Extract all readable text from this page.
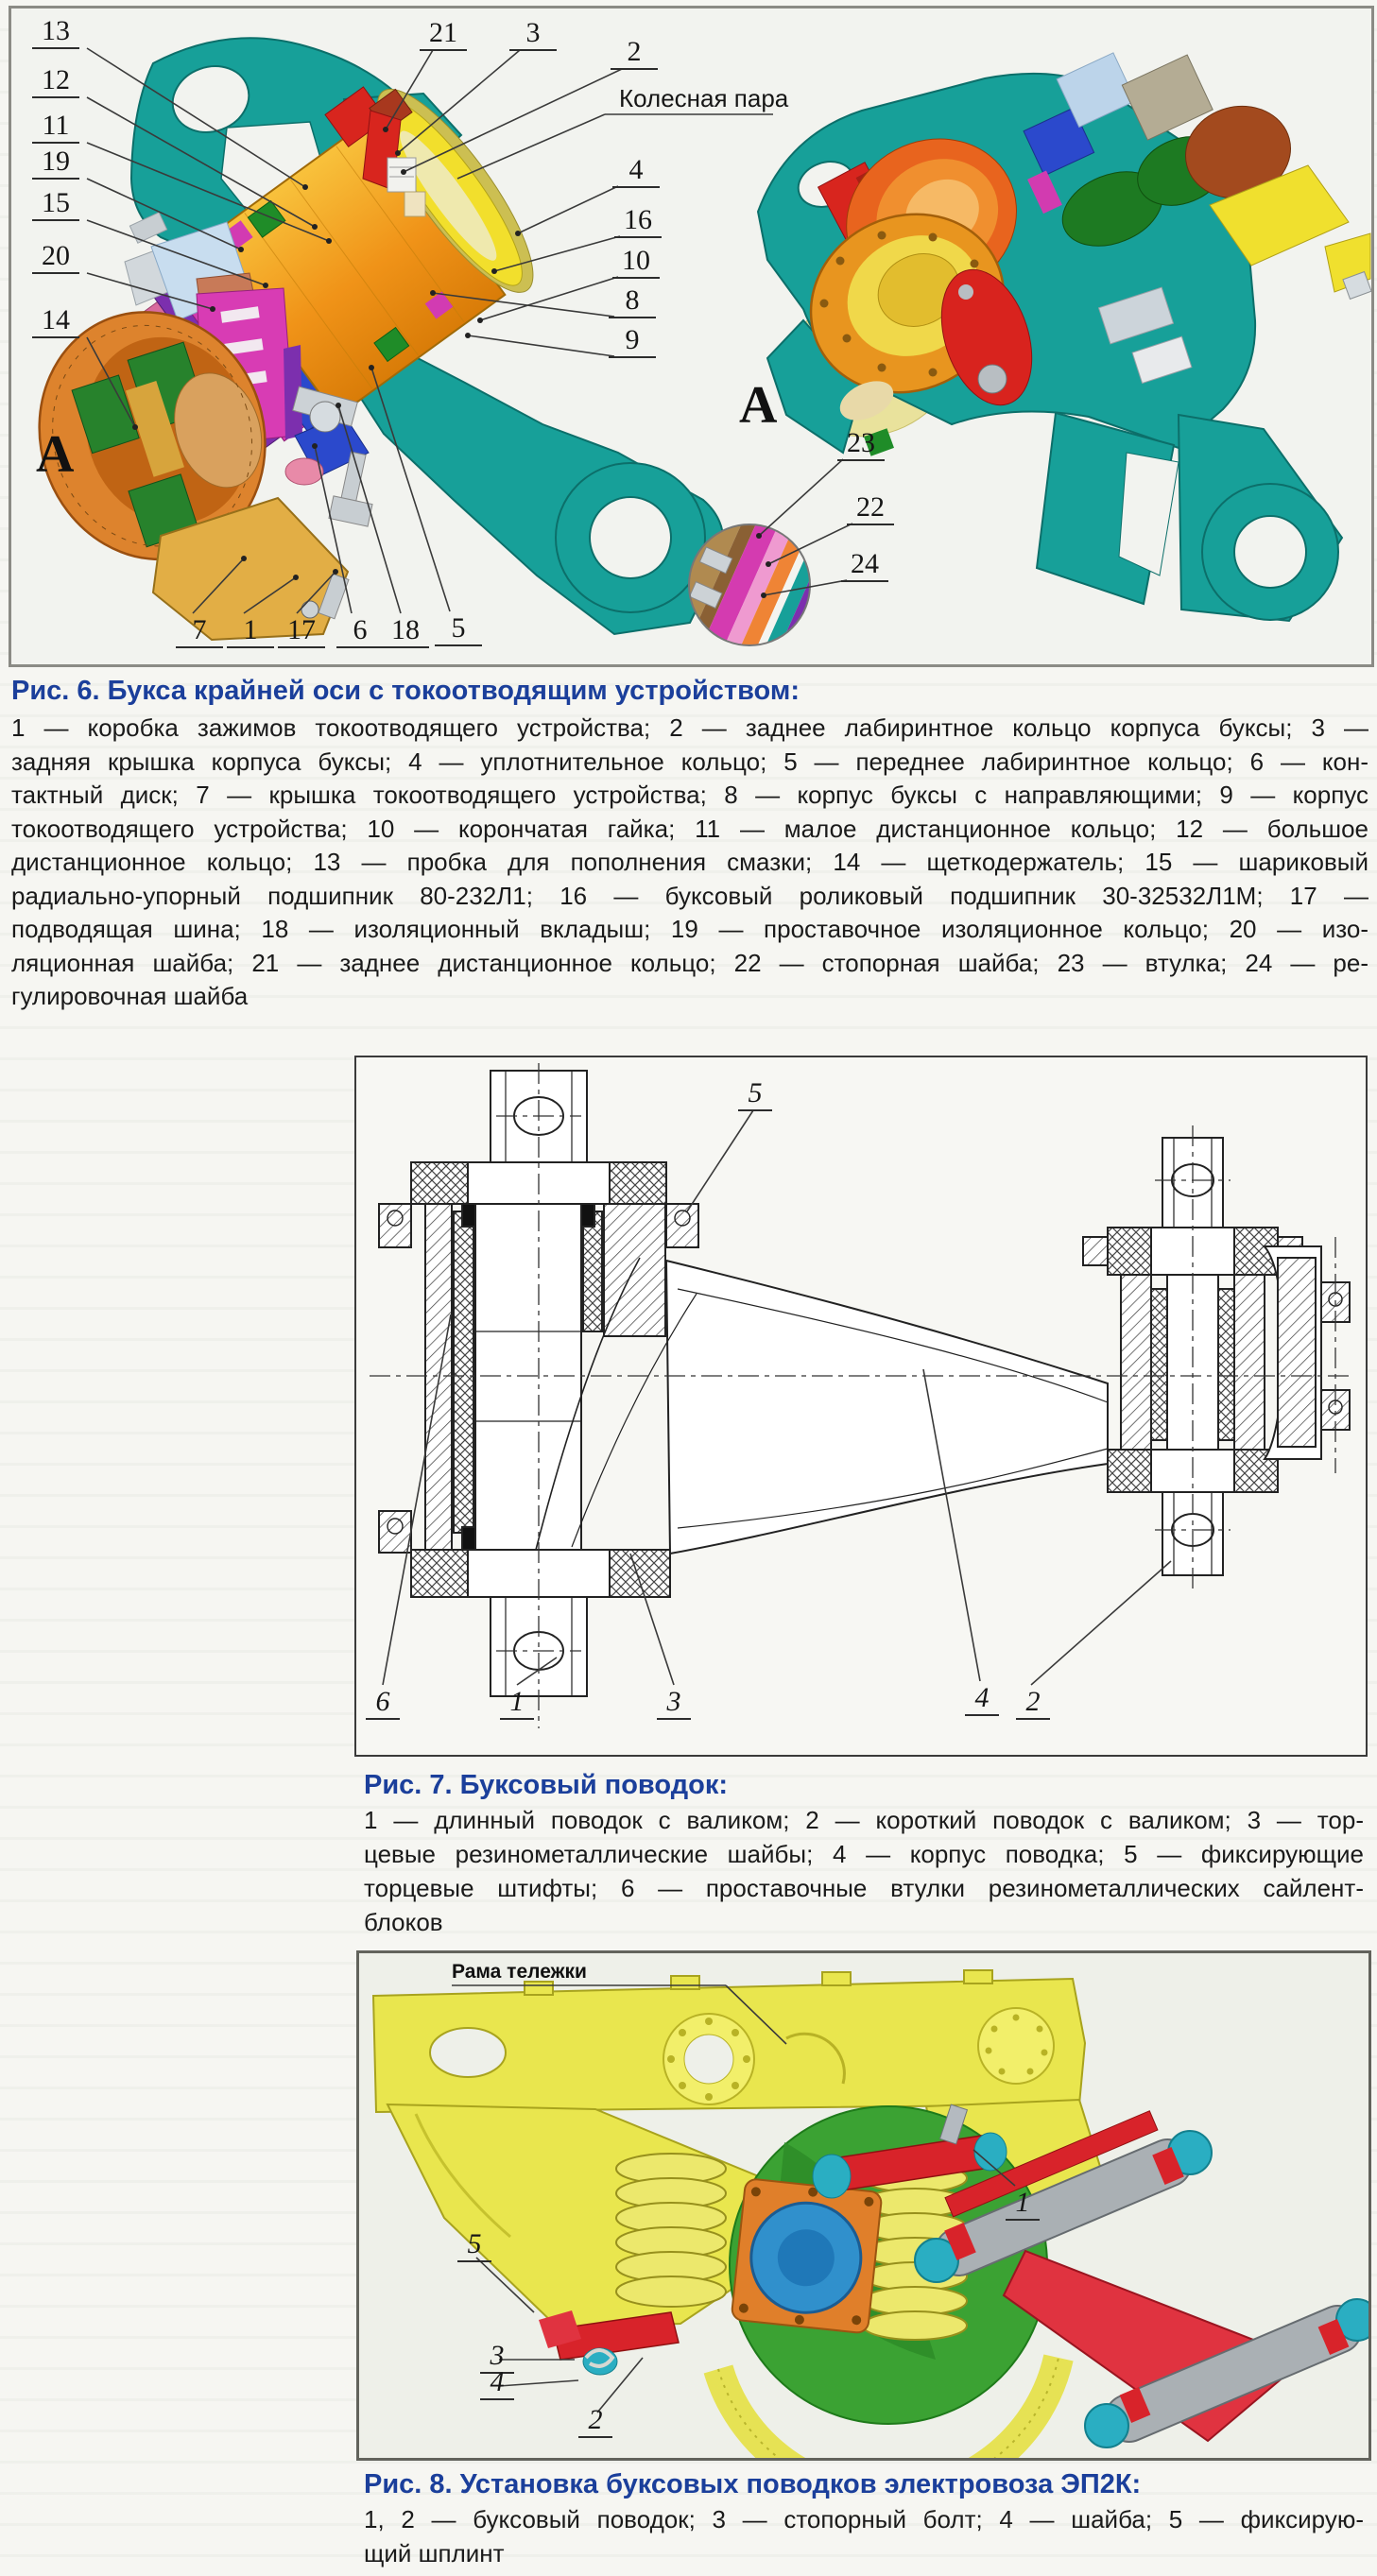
А
А
Колесная пара
13
12
11
19
15
20
14
7	1	17	6 18	5
21	3
2
4
16
10
8
9
23
22
24
Рис. 6. Букса крайней оси с токоотводящим устройством:
1 — коробка зажимов токоотводящего устройства; 2 — заднее лабиринтное кольцо корпуса буксы; 3 —
задняя крышка корпуса буксы; 4 — уплотнительное кольцо; 5 — переднее лабиринтное кольцо; 6 — кон-
тактный диск; 7 — крышка токоотводящего устройства; 8 — корпус буксы с направляющими; 9 — корпус
токоотводящего устройства; 10 — корончатая гайка; 11 — малое дистанционное кольцо; 12 — большое
дистанционное кольцо; 13 — пробка для пополнения смазки; 14 — щеткодержатель; 15 — шариковый
радиально-упорный подшипник 80-232Л1; 16 — буксовый роликовый подшипник 30-32532Л1М; 17 —
подводящая шина; 18 — изоляционный вкладыш; 19 — проставочное изоляционное кольцо; 20 — изо-
ляционная шайба; 21 — заднее дистанционное кольцо; 22 — стопорная шайба; 23 — втулка; 24 — ре-
гулировочная шайба
5
6	1	3	4	2
Рис. 7. Буксовый поводок:
1 — длинный поводок с валиком; 2 — короткий поводок с валиком; 3 — тор-
цевые резинометаллические шайбы; 4 — корпус поводка; 5 — фиксирующие
торцевые штифты; 6 — проставочные втулки резинометаллических сайлент-
блоков
Рама тележки
1
5
3
4
2
Рис. 8. Установка буксовых поводков электровоза ЭП2К:
1, 2 — буксовый поводок; 3 — стопорный болт; 4 — шайба; 5 — фиксирую-
щий шплинт
